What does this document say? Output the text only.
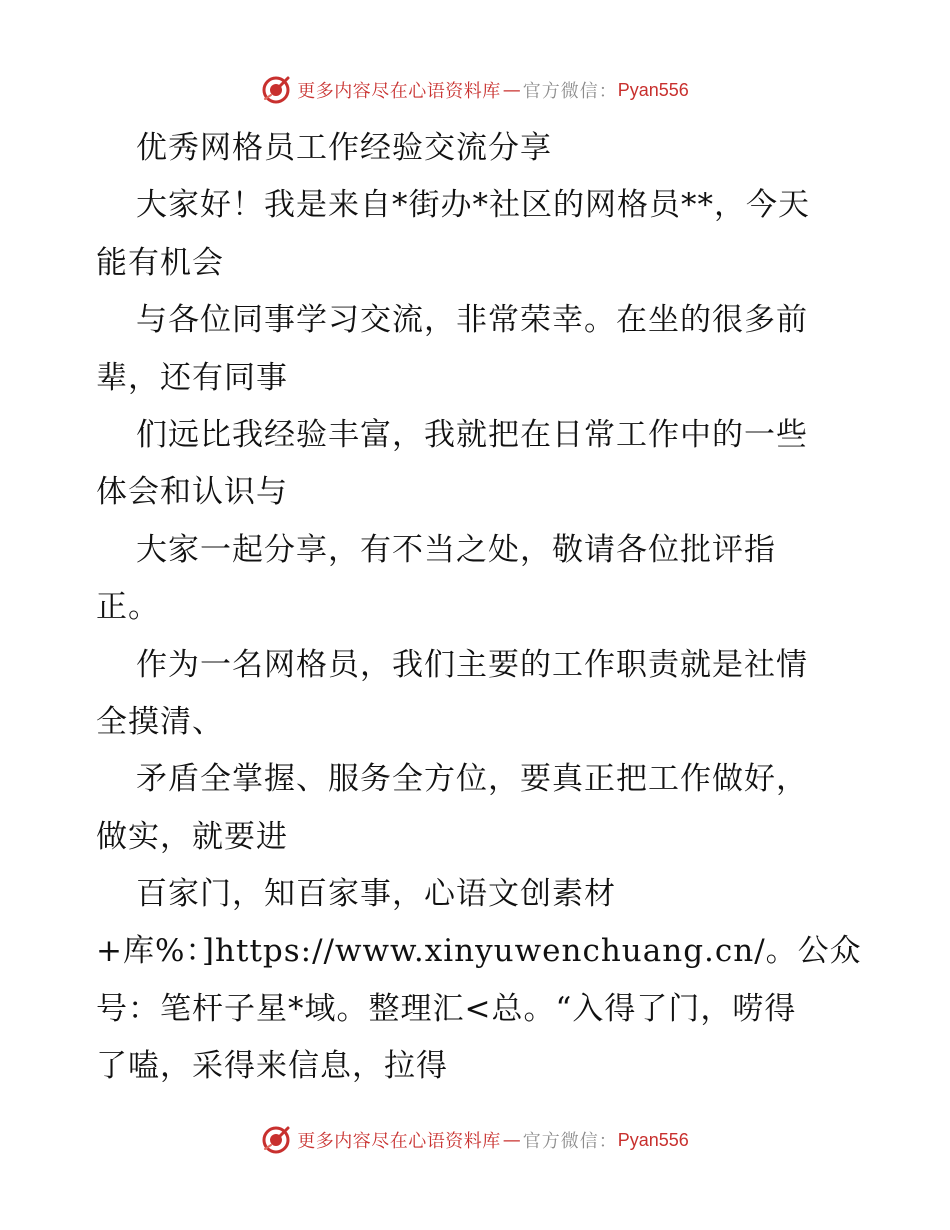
更多内容尽在心语资料库 — 官方微信： Pyan556
优秀网格员工作经验交流分享
大家好！我是来自*街办*社区的网格员**，今天
能有机会
与各位同事学习交流，非常荣幸。在坐的很多前
辈，还有同事
们远比我经验丰富，我就把在日常工作中的一些
体会和认识与
大家一起分享，有不当之处，敬请各位批评指
正。
作为一名网格员，我们主要的工作职责就是社情
全摸清、
矛盾全掌握、服务全方位，要真正把工作做好，
做实，就要进
百家门，知百家事，心语文创素材
+库%：]https://www.xinyuwenchuang.cn/。公众
号：笔杆子星*域。整理汇<总。“入得了门，唠得
了嗑，采得来信息，拉得
更多内容尽在心语资料库 — 官方微信： Pyan556
